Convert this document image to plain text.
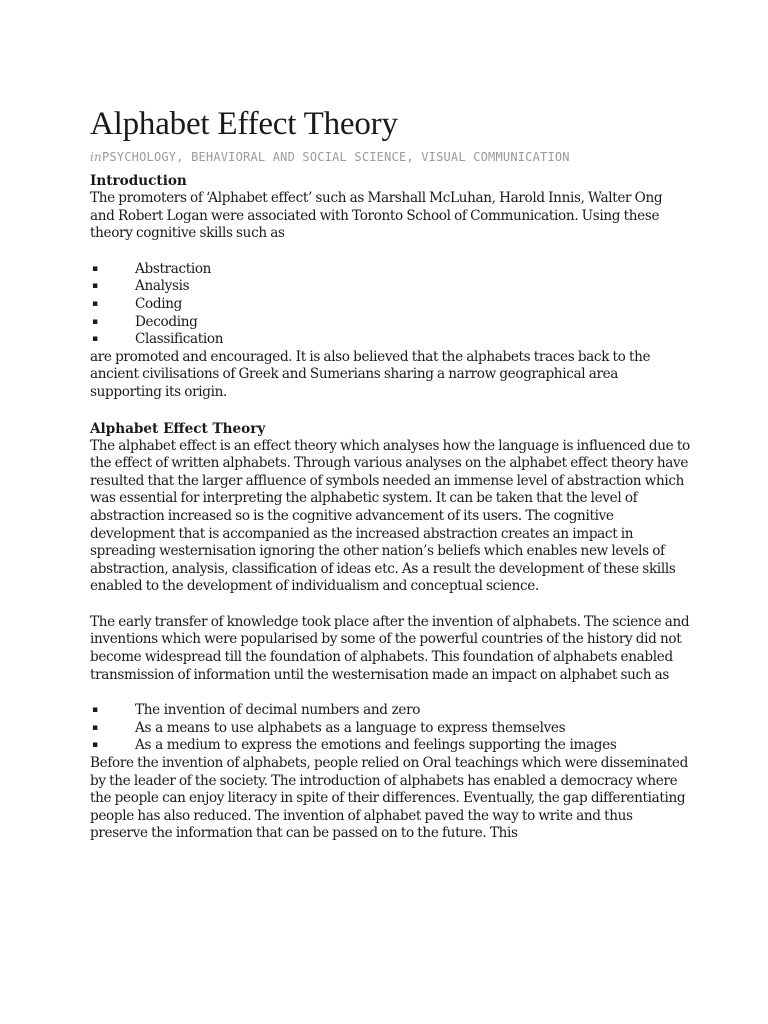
Alphabet Effect Theory
inPSYCHOLOGY, BEHAVIORAL AND SOCIAL SCIENCE, VISUAL COMMUNICATION
Introduction

The promoters of ‘Alphabet effect’ such as Marshall McLuhan, Harold Innis, Walter Ong and Robert Logan were associated with Toronto School of Communication. Using these theory cognitive skills such as

▪	Abstraction
▪	Analysis
▪	Coding
▪	Decoding
▪	Classification

are promoted and encouraged. It is also believed that the alphabets traces back to the ancient civilisations of Greek and Sumerians sharing a narrow geographical area supporting its origin.

Alphabet Effect Theory

The alphabet effect is an effect theory which analyses how the language is influenced due to the effect of written alphabets. Through various analyses on the alphabet effect theory have resulted that the larger affluence of symbols needed an immense level of abstraction which was essential for interpreting the alphabetic system. It can be taken that the level of abstraction increased so is the cognitive advancement of its users. The cognitive development that is accompanied as the increased abstraction creates an impact in spreading westernisation ignoring the other nation’s beliefs which enables new levels of abstraction, analysis, classification of ideas etc. As a result the development of these skills enabled to the development of individualism and conceptual science.

The early transfer of knowledge took place after the invention of alphabets. The science and inventions which were popularised by some of the powerful countries of the history did not become widespread till the foundation of alphabets. This foundation of alphabets enabled transmission of information until the westernisation made an impact on alphabet such as

▪	The invention of decimal numbers and zero
▪	As a means to use alphabets as a language to express themselves
▪	As a medium to express the emotions and feelings supporting the images

Before the invention of alphabets, people relied on Oral teachings which were disseminated by the leader of the society. The introduction of alphabets has enabled a democracy where the people can enjoy literacy in spite of their differences. Eventually, the gap differentiating people has also reduced. The invention of alphabet paved the way to write and thus preserve the information that can be passed on to the future. This
